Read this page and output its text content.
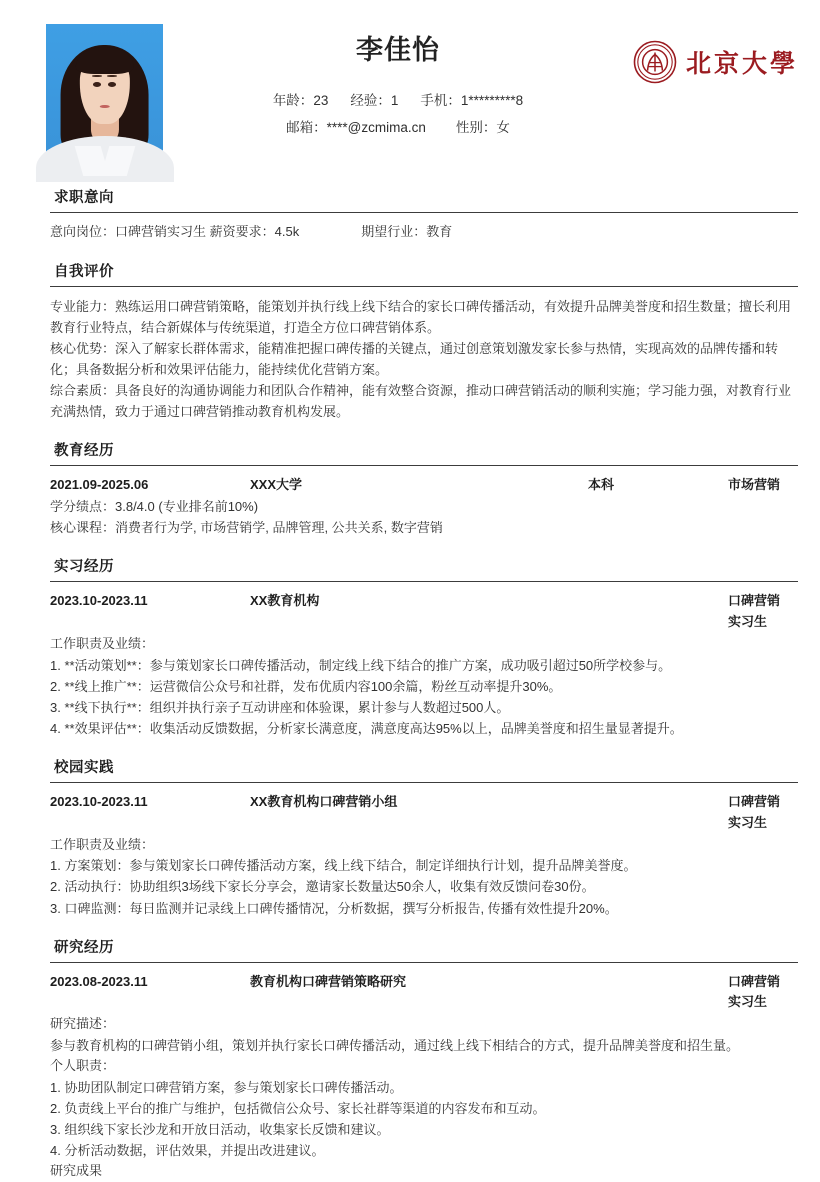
李佳怡
年龄：23 经验：1 手机：1*********8
邮箱：****@zcmima.cn 性别：女
北京大學
求职意向
意向岗位：口碑营销实习生 薪资要求：4.5k	期望行业：教育
自我评价
专业能力：熟练运用口碑营销策略，能策划并执行线上线下结合的家长口碑传播活动，有效提升品牌美誉度和招生数量；擅长利用教育行业特点，结合新媒体与传统渠道，打造全方位口碑营销体系。
核心优势：深入了解家长群体需求，能精准把握口碑传播的关键点，通过创意策划激发家长参与热情，实现高效的品牌传播和转化；具备数据分析和效果评估能力，能持续优化营销方案。
综合素质：具备良好的沟通协调能力和团队合作精神，能有效整合资源，推动口碑营销活动的顺利实施；学习能力强，对教育行业充满热情，致力于通过口碑营销推动教育机构发展。
教育经历
2021.09-2025.06	XXX大学	本科	市场营销
学分绩点：3.8/4.0 (专业排名前10%)
核心课程：消费者行为学, 市场营销学, 品牌管理, 公共关系, 数字营销
实习经历
2023.10-2023.11	XX教育机构	口碑营销实习生
工作职责及业绩：
1. **活动策划**：参与策划家长口碑传播活动，制定线上线下结合的推广方案，成功吸引超过50所学校参与。
2. **线上推广**：运营微信公众号和社群，发布优质内容100余篇，粉丝互动率提升30%。
3. **线下执行**：组织并执行亲子互动讲座和体验课，累计参与人数超过500人。
4. **效果评估**：收集活动反馈数据，分析家长满意度，满意度高达95%以上，品牌美誉度和招生量显著提升。
校园实践
2023.10-2023.11	XX教育机构口碑营销小组	口碑营销实习生
工作职责及业绩：
1. 方案策划：参与策划家长口碑传播活动方案，线上线下结合，制定详细执行计划，提升品牌美誉度。
2. 活动执行：协助组织3场线下家长分享会，邀请家长数量达50余人，收集有效反馈问卷30份。
3. 口碑监测：每日监测并记录线上口碑传播情况，分析数据，撰写分析报告, 传播有效性提升20%。
研究经历
2023.08-2023.11	教育机构口碑营销策略研究	口碑营销实习生
研究描述：
参与教育机构的口碑营销小组，策划并执行家长口碑传播活动，通过线上线下相结合的方式，提升品牌美誉度和招生量。
个人职责：
1. 协助团队制定口碑营销方案，参与策划家长口碑传播活动。
2. 负责线上平台的推广与维护，包括微信公众号、家长社群等渠道的内容发布和互动。
3. 组织线下家长沙龙和开放日活动，收集家长反馈和建议。
4. 分析活动数据，评估效果，并提出改进建议。
研究成果
